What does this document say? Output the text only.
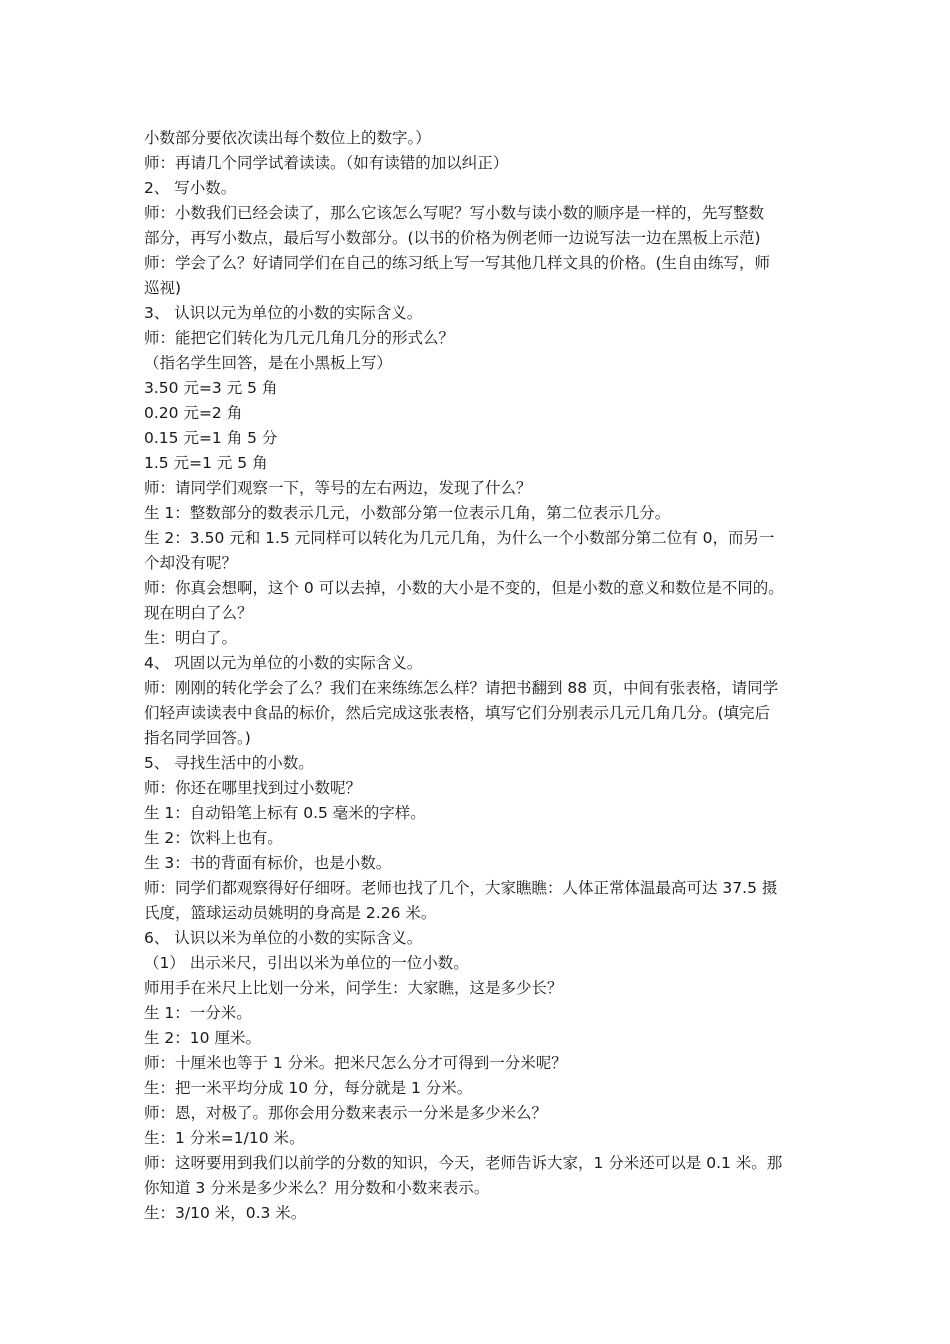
小数部分要依次读出每个数位上的数字。）
师：再请几个同学试着读读。（如有读错的加以纠正）
2、 写小数。
师：小数我们已经会读了，那么它该怎么写呢？写小数与读小数的顺序是一样的，先写整数
部分，再写小数点，最后写小数部分。(以书的价格为例老师一边说写法一边在黑板上示范)
师：学会了么？好请同学们在自己的练习纸上写一写其他几样文具的价格。(生自由练写，师
巡视)
3、 认识以元为单位的小数的实际含义。
师：能把它们转化为几元几角几分的形式么？
（指名学生回答，是在小黑板上写）
3.50 元=3 元 5 角
0.20 元=2 角
0.15 元=1 角 5 分
1.5 元=1 元 5 角
师：请同学们观察一下，等号的左右两边，发现了什么？
生 1：整数部分的数表示几元，小数部分第一位表示几角，第二位表示几分。
生 2：3.50 元和 1.5 元同样可以转化为几元几角，为什么一个小数部分第二位有 0，而另一
个却没有呢？
师：你真会想啊，这个 0 可以去掉，小数的大小是不变的，但是小数的意义和数位是不同的。
现在明白了么？
生：明白了。
4、 巩固以元为单位的小数的实际含义。
师：刚刚的转化学会了么？我们在来练练怎么样？请把书翻到 88 页，中间有张表格，请同学
们轻声读读表中食品的标价，然后完成这张表格，填写它们分别表示几元几角几分。(填完后
指名同学回答。)
5、 寻找生活中的小数。
师：你还在哪里找到过小数呢？
生 1：自动铅笔上标有 0.5 毫米的字样。
生 2：饮料上也有。
生 3：书的背面有标价，也是小数。
师：同学们都观察得好仔细呀。老师也找了几个，大家瞧瞧：人体正常体温最高可达 37.5 摄
氏度，篮球运动员姚明的身高是 2.26 米。
6、 认识以米为单位的小数的实际含义。
（1） 出示米尺，引出以米为单位的一位小数。
师用手在米尺上比划一分米，问学生：大家瞧，这是多少长？
生 1：一分米。
生 2：10 厘米。
师：十厘米也等于 1 分米。把米尺怎么分才可得到一分米呢？
生：把一米平均分成 10 分，每分就是 1 分米。
师：恩，对极了。那你会用分数来表示一分米是多少米么？
生：1 分米=1/10 米。
师：这呀要用到我们以前学的分数的知识，今天，老师告诉大家，1 分米还可以是 0.1 米。那
你知道 3 分米是多少米么？用分数和小数来表示。
生：3/10 米，0.3 米。
